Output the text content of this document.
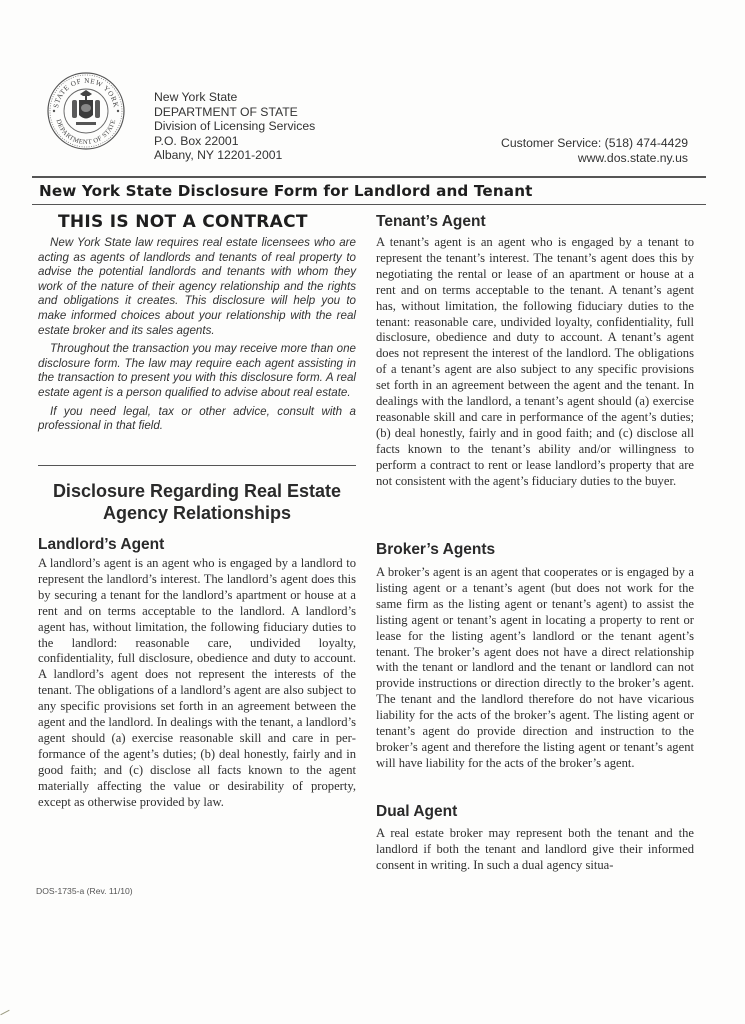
STATE OF NEW YORK
DEPARTMENT OF STATE
New York State
DEPARTMENT OF STATE
Division of Licensing Services
P.O. Box 22001
Albany, NY 12201-2001
Customer Service: (518) 474-4429
www.dos.state.ny.us
New York State Disclosure Form for Landlord and Tenant
THIS IS NOT A CONTRACT

New York State law requires real estate licensees who are acting as agents of landlords and tenants of real property to advise the potential landlords and tenants with whom they work of the nature of their agency relationship and the rights and obligations it creates. This disclosure will help you to make informed choices about your relationship with the real estate broker and its sales agents.

Throughout the transaction you may receive more than one disclosure form. The law may require each agent assisting in the transaction to present you with this disclosure form. A real estate agent is a person qualified to advise about real estate.

If you need legal, tax or other advice, consult with a professional in that field.

Disclosure Regarding Real Estate
Agency Relationships
Landlord’s Agent

A landlord’s agent is an agent who is engaged by a landlord to represent the landlord’s interest. The landlord’s agent does this by securing a tenant for the landlord’s apartment or house at a rent and on terms acceptable to the landlord. A landlord’s agent has, without limitation, the following fiduciary duties to the landlord: reasonable care, undivided loyalty, confidentiality, full disclosure, obedience and duty to account. A landlord’s agent does not represent the interests of the tenant. The obligations of a landlord’s agent are also subject to any specific provisions set forth in an agreement between the agent and the landlord. In dealings with the tenant, a landlord’s agent should (a) exercise reasonable skill and care in performance of the agent’s duties; (b) deal honestly, fairly and in good faith; and (c) disclose all facts known to the agent materially affecting the value or desirability of property, except as otherwise provided by law.

Tenant’s Agent

A tenant’s agent is an agent who is engaged by a tenant to represent the tenant’s interest. The tenant’s agent does this by negotiating the rental or lease of an apartment or house at a rent and on terms acceptable to the tenant. A tenant’s agent has, without limitation, the following fiduciary duties to the tenant: reasonable care, undivided loyalty, confidentiality, full disclosure, obedience and duty to account. A tenant’s agent does not represent the interest of the landlord. The obligations of a tenant’s agent are also subject to any specific provisions set forth in an agreement between the agent and the tenant. In dealings with the landlord, a tenant’s agent should (a) exercise reasonable skill and care in performance of the agent’s duties; (b) deal honestly, fairly and in good faith; and (c) disclose all facts known to the tenant’s ability and/or willingness to perform a contract to rent or lease landlord’s property that are not consistent with the agent’s fiduciary duties to the buyer.

Broker’s Agents

A broker’s agent is an agent that cooperates or is engaged by a listing agent or a tenant’s agent (but does not work for the same firm as the listing agent or tenant’s agent) to assist the listing agent or tenant’s agent in locating a property to rent or lease for the listing agent’s landlord or the tenant agent’s tenant. The broker’s agent does not have a direct relationship with the tenant or landlord and the tenant or landlord can not provide instructions or direction directly to the broker’s agent. The tenant and the landlord therefore do not have vicarious liability for the acts of the broker’s agent. The listing agent or tenant’s agent do provide direction and instruction to the broker’s agent and therefore the listing agent or tenant’s agent will have liability for the acts of the broker’s agent.

Dual Agent

A real estate broker may represent both the tenant and the landlord if both the tenant and landlord give their informed consent in writing. In such a dual agency situa-

DOS-1735-a (Rev. 11/10)
